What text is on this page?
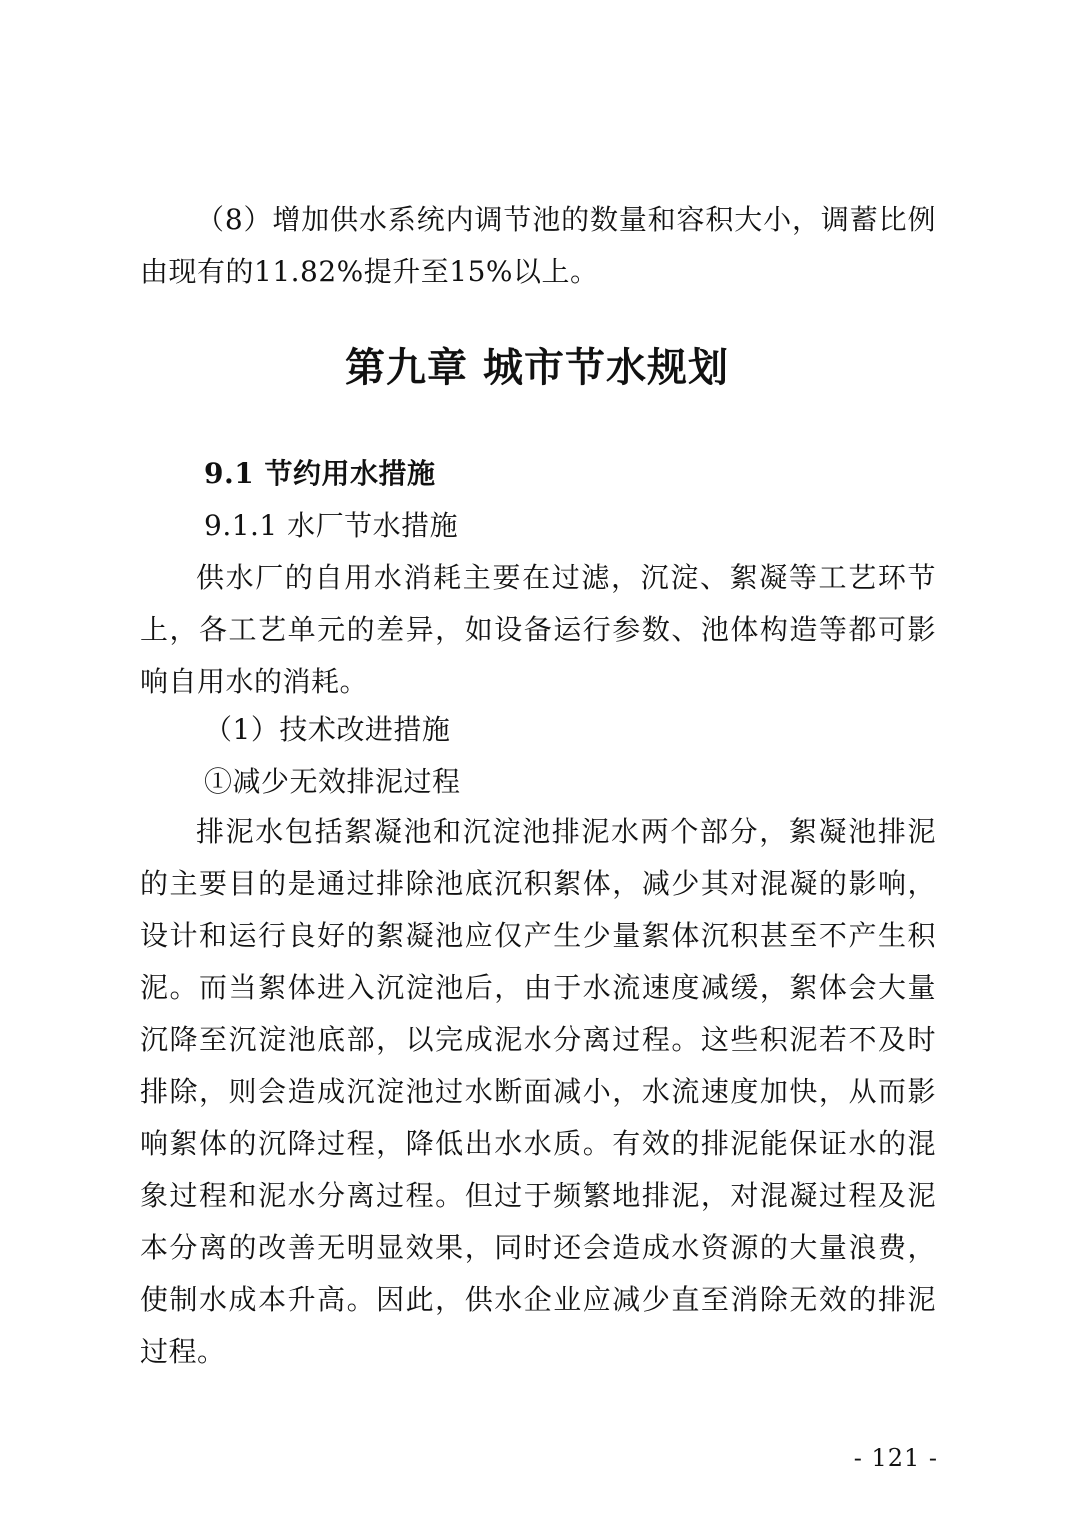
（8）增加供水系统内调节池的数量和容积大小，调蓄比例由现有的11.82%提升至15%以上。

第九章 城市节水规划

9.1 节约用水措施

9.1.1 水厂节水措施

供水厂的自用水消耗主要在过滤，沉淀、絮凝等工艺环节上，各工艺单元的差异，如设备运行参数、池体构造等都可影响自用水的消耗。

（1）技术改进措施

①减少无效排泥过程

排泥水包括絮凝池和沉淀池排泥水两个部分，絮凝池排泥的主要目的是通过排除池底沉积絮体，减少其对混凝的影响，设计和运行良好的絮凝池应仅产生少量絮体沉积甚至不产生积泥。而当絮体进入沉淀池后，由于水流速度减缓，絮体会大量沉降至沉淀池底部，以完成泥水分离过程。这些积泥若不及时排除，则会造成沉淀池过水断面减小，水流速度加快，从而影响絮体的沉降过程，降低出水水质。有效的排泥能保证水的混象过程和泥水分离过程。但过于频繁地排泥，对混凝过程及泥本分离的改善无明显效果，同时还会造成水资源的大量浪费，使制水成本升高。因此，供水企业应减少直至消除无效的排泥过程。

- 121 -
